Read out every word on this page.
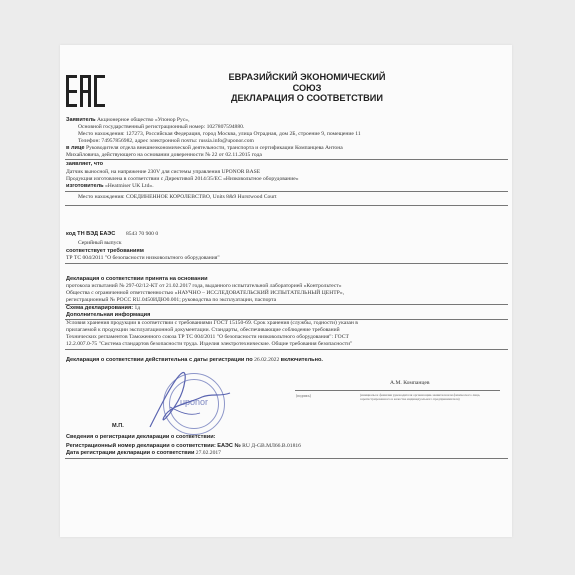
ЕВРАЗИЙСКИЙ ЭКОНОМИЧЕСКИЙ
СОЮЗ
ДЕКЛАРАЦИЯ О СООТВЕТСТВИИ
Заявитель Акционерное общество «Упонор Рус»,
Основной государственный регистрационный номер: 1027807594880.
Место нахождения: 127273, Российская Федерация, город Москва, улица Отрадная, дом 2Б, строение 9, помещение 11
Телефон: 74957856982, адрес электронной почты: russia.info@uponor.com
в лице Руководителя отдела внешнеэкономической деятельности, транспорта и сертификации Компанцева Антона
Михайловича, действующего на основании доверенности № 22 от 02.11.2015 года
заявляет, что
Датчик выносной, на напряжение 230V для системы управления UPONOR BASE
Продукция изготовлена в соответствии с Директивой 2014/35/ЕС «Низковольтное оборудование»
изготовитель «Heatmiser UK Ltd».
Место нахождения: СОЕДИНЕННОЕ КОРОЛЕВСТВО, Units 8&9 Hurstwood Court
код ТН ВЭД ЕАЭС 8543 70 900 0
Серийный выпуск
соответствует требованиям
ТР ТС 004/2011 "О безопасности низковольтного оборудования"
Декларация о соответствии принята на основании
протокола испытаний № 297-02/12-КТ от 21.02.2017 года, выданного испытательной лабораторией «Контрольтест»
Общества с ограниченной ответственностью «НАУЧНО – ИССЛЕДОВАТЕЛЬСКИЙ ИСПЫТАТЕЛЬНЫЙ ЦЕНТР»,
регистрационный № РОСС RU.0450ИДЮ0.001; руководства по эксплуатации, паспорта
Схема декларирования: 1д
Дополнительная информация
Условия хранения продукции в соответствии с требованиями ГОСТ 15150-69. Срок хранения (службы, годности) указан в
прилагаемой к продукции эксплуатационной документации. Стандарты, обеспечивающие соблюдение требований
Технических регламентов Таможенного союза ТР ТС 004/2011 "О безопасности низковольтного оборудования": ГОСТ
12.2.007.0-75 "Система стандартов безопасности труда. Изделия электротехнические. Общие требования безопасности"
Декларация о соответствии действительна с даты регистрации по 26.02.2022 включительно.
uponor
А.М. Компанцев
(подпись)	(инициалы и фамилия руководителя организации-заявителя или физического лица, зарегистрированного в качестве индивидуального предпринимателя)
М.П.
Сведения о регистрации декларации о соответствии:
Регистрационный номер декларации о соответствии: ЕАЭС № RU Д-GB.МЛ66.В.01816
Дата регистрации декларации о соответствии 27.02.2017
